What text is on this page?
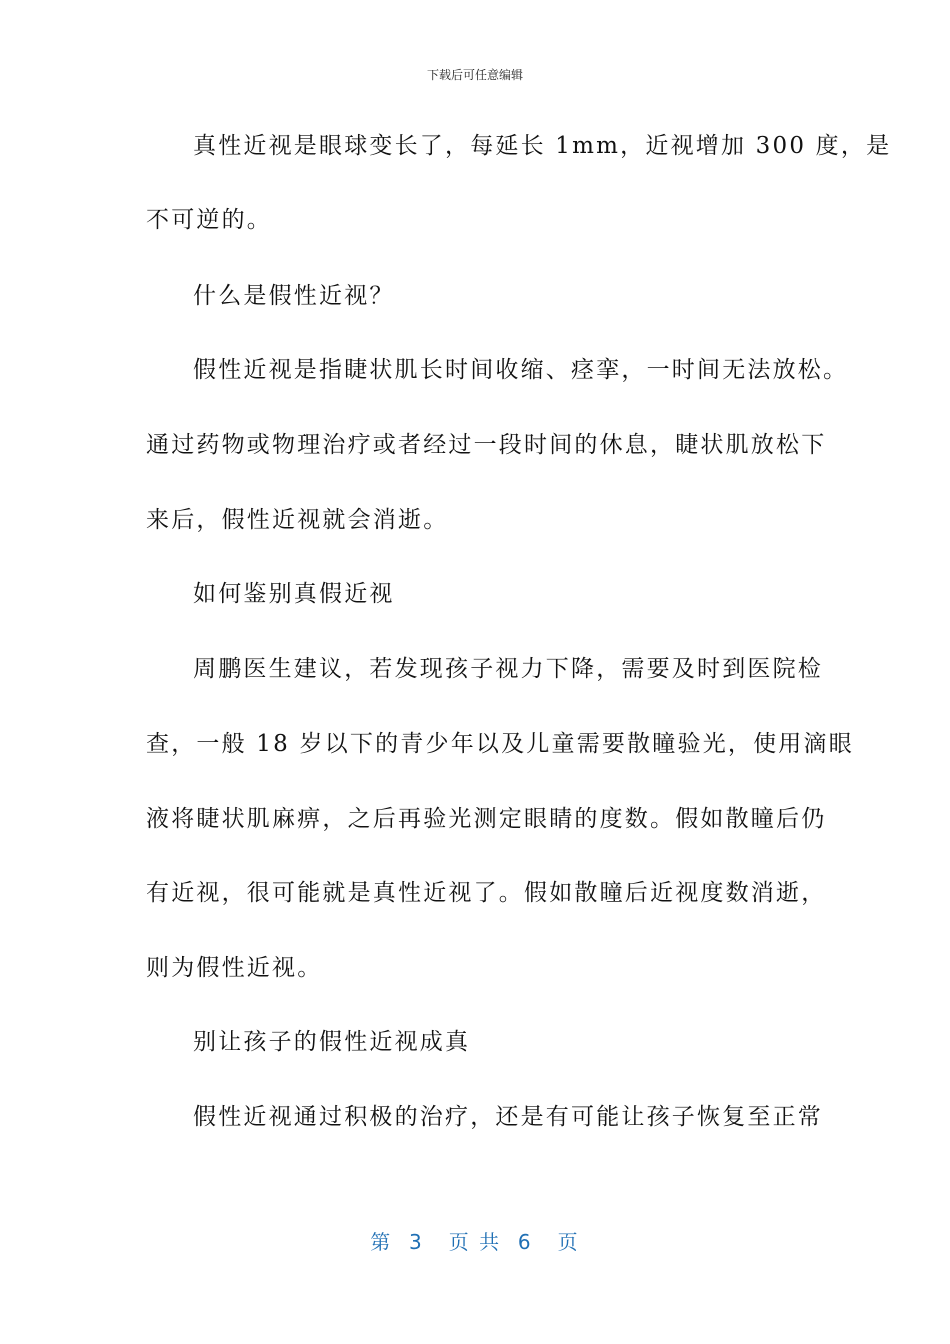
下载后可任意编辑
真性近视是眼球变长了，每延长 1mm，近视增加 300 度，是
不可逆的。
什么是假性近视？
假性近视是指睫状肌长时间收缩、痉挛，一时间无法放松。
通过药物或物理治疗或者经过一段时间的休息，睫状肌放松下
来后，假性近视就会消逝。
如何鉴别真假近视
周鹏医生建议，若发现孩子视力下降，需要及时到医院检
查，一般 18 岁以下的青少年以及儿童需要散瞳验光，使用滴眼
液将睫状肌麻痹，之后再验光测定眼睛的度数。假如散瞳后仍
有近视，很可能就是真性近视了。假如散瞳后近视度数消逝，
则为假性近视。
别让孩子的假性近视成真
假性近视通过积极的治疗，还是有可能让孩子恢复至正常
第  3   页 共  6   页
